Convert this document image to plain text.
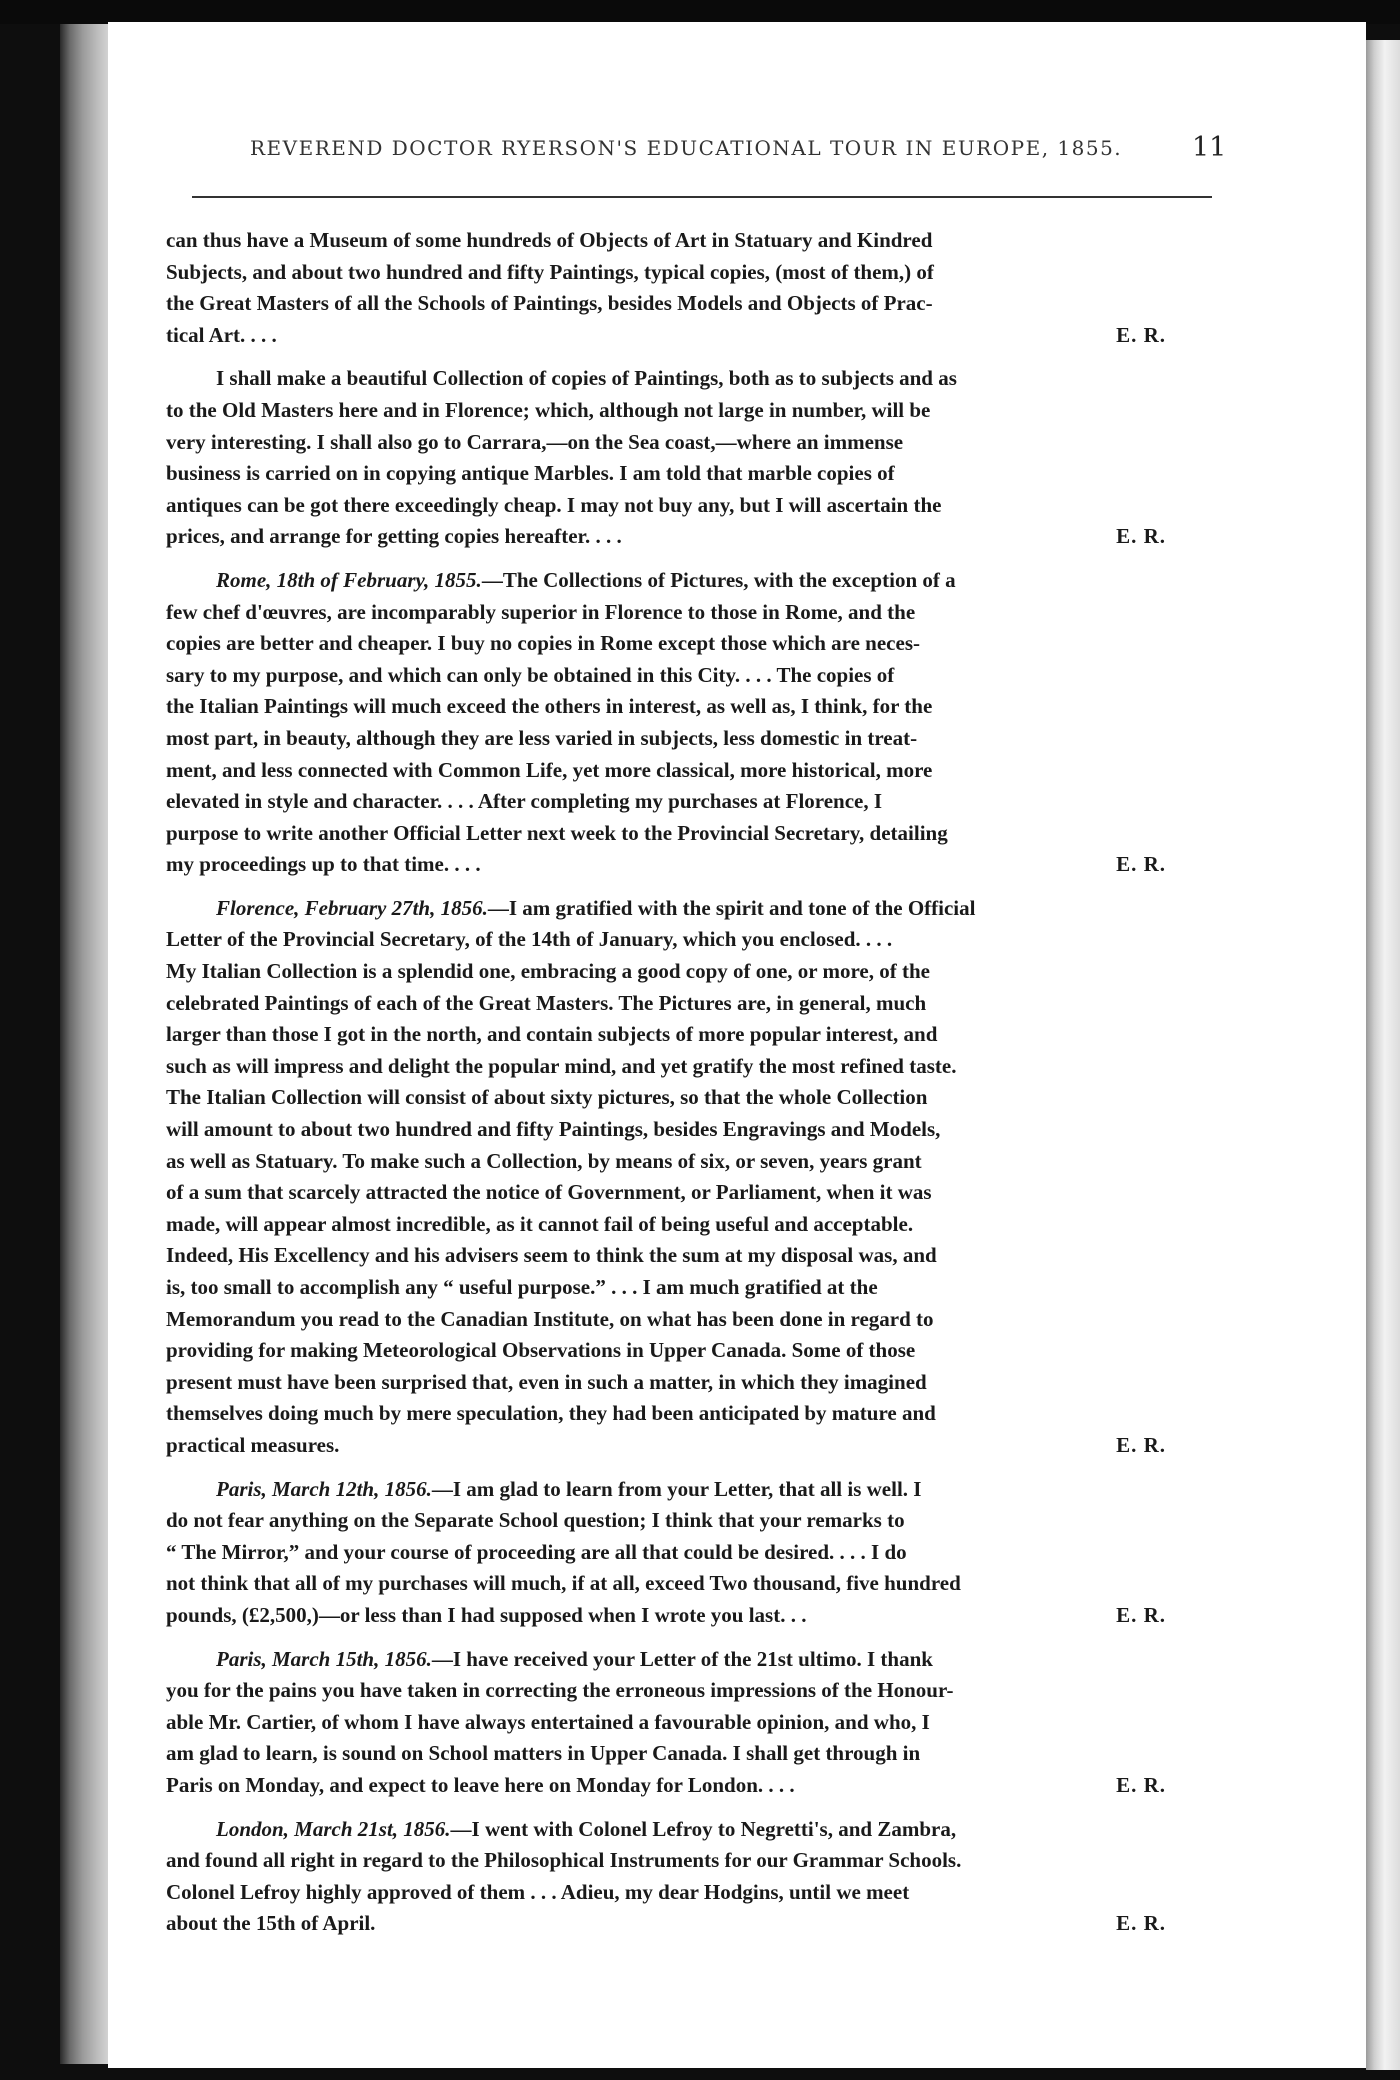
REVEREND DOCTOR RYERSON'S EDUCATIONAL TOUR IN EUROPE, 1855.	11
can thus have a Museum of some hundreds of Objects of Art in Statuary and Kindred
Subjects, and about two hundred and fifty Paintings, typical copies, (most of them,) of
the Great Masters of all the Schools of Paintings, besides Models and Objects of Prac-
tical Art. . . .	E. R.
I shall make a beautiful Collection of copies of Paintings, both as to subjects and as
to the Old Masters here and in Florence; which, although not large in number, will be
very interesting. I shall also go to Carrara,—on the Sea coast,—where an immense
business is carried on in copying antique Marbles. I am told that marble copies of
antiques can be got there exceedingly cheap. I may not buy any, but I will ascertain the
prices, and arrange for getting copies hereafter. . . .	E. R.
Rome, 18th of February, 1855.—The Collections of Pictures, with the exception of a
few chef d'œuvres, are incomparably superior in Florence to those in Rome, and the
copies are better and cheaper. I buy no copies in Rome except those which are neces-
sary to my purpose, and which can only be obtained in this City. . . . The copies of
the Italian Paintings will much exceed the others in interest, as well as, I think, for the
most part, in beauty, although they are less varied in subjects, less domestic in treat-
ment, and less connected with Common Life, yet more classical, more historical, more
elevated in style and character. . . . After completing my purchases at Florence, I
purpose to write another Official Letter next week to the Provincial Secretary, detailing
my proceedings up to that time. . . .	E. R.
Florence, February 27th, 1856.—I am gratified with the spirit and tone of the Official
Letter of the Provincial Secretary, of the 14th of January, which you enclosed. . . .
My Italian Collection is a splendid one, embracing a good copy of one, or more, of the
celebrated Paintings of each of the Great Masters. The Pictures are, in general, much
larger than those I got in the north, and contain subjects of more popular interest, and
such as will impress and delight the popular mind, and yet gratify the most refined taste.
The Italian Collection will consist of about sixty pictures, so that the whole Collection
will amount to about two hundred and fifty Paintings, besides Engravings and Models,
as well as Statuary. To make such a Collection, by means of six, or seven, years grant
of a sum that scarcely attracted the notice of Government, or Parliament, when it was
made, will appear almost incredible, as it cannot fail of being useful and acceptable.
Indeed, His Excellency and his advisers seem to think the sum at my disposal was, and
is, too small to accomplish any “ useful purpose.” . . . I am much gratified at the
Memorandum you read to the Canadian Institute, on what has been done in regard to
providing for making Meteorological Observations in Upper Canada. Some of those
present must have been surprised that, even in such a matter, in which they imagined
themselves doing much by mere speculation, they had been anticipated by mature and
practical measures.	E. R.
Paris, March 12th, 1856.—I am glad to learn from your Letter, that all is well. I
do not fear anything on the Separate School question; I think that your remarks to
“ The Mirror,” and your course of proceeding are all that could be desired. . . . I do
not think that all of my purchases will much, if at all, exceed Two thousand, five hundred
pounds, (£2,500,)—or less than I had supposed when I wrote you last. . .	E. R.
Paris, March 15th, 1856.—I have received your Letter of the 21st ultimo. I thank
you for the pains you have taken in correcting the erroneous impressions of the Honour-
able Mr. Cartier, of whom I have always entertained a favourable opinion, and who, I
am glad to learn, is sound on School matters in Upper Canada. I shall get through in
Paris on Monday, and expect to leave here on Monday for London. . . .	E. R.
London, March 21st, 1856.—I went with Colonel Lefroy to Negretti's, and Zambra,
and found all right in regard to the Philosophical Instruments for our Grammar Schools.
Colonel Lefroy highly approved of them . . . Adieu, my dear Hodgins, until we meet
about the 15th of April.	E. R.
